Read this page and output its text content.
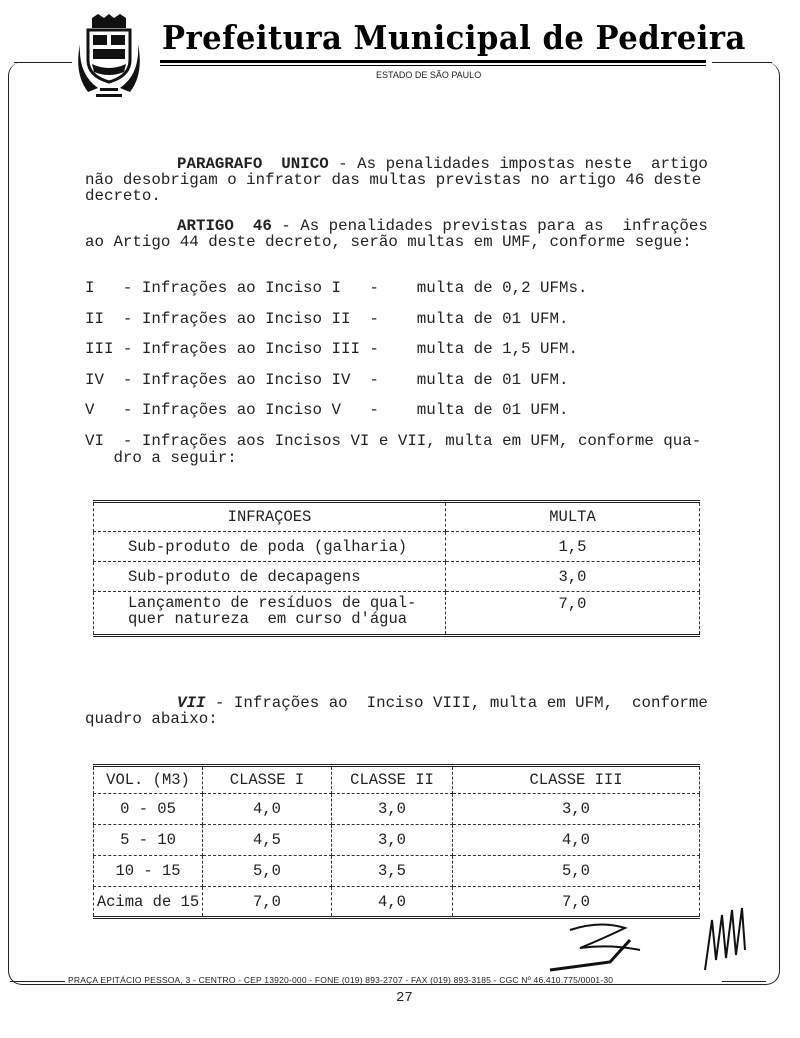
Prefeitura Municipal de Pedreira
ESTADO DE SÃO PAULO
PARAGRAFO  UNICO - As penalidades impostas neste  artigo
não desobrigam o infrator das multas previstas no artigo 46 deste
decreto.
ARTIGO  46 - As penalidades previstas para as  infrações
ao Artigo 44 deste decreto, serão multas em UMF, conforme segue:
I   - Infrações ao Inciso I   -    multa de 0,2 UFMs.
II  - Infrações ao Inciso II  -    multa de 01 UFM.
III - Infrações ao Inciso III -    multa de 1,5 UFM.
IV  - Infrações ao Inciso IV  -    multa de 01 UFM.
V   - Infrações ao Inciso V   -    multa de 01 UFM.
VI  - Infrações aos Incisos VI e VII, multa em UFM, conforme qua-
dro a seguir:
INFRAÇOES	MULTA
Sub-produto de poda (galharia)	1,5
Sub-produto de decapagens	3,0
Lançamento de resíduos de qual-
quer natureza  em curso d'água	7,0
VII - Infrações ao  Inciso VIII, multa em UFM,  conforme
quadro abaixo:
VOL. (M3)	CLASSE I	CLASSE II	CLASSE III
0 - 05	4,0	3,0	3,0
5 - 10	4,5	3,0	4,0
10 - 15	5,0	3,5	5,0
Acima de 15	7,0	4,0	7,0
PRAÇA EPITÁCIO PESSOA, 3 - CENTRO - CEP 13920-000 - FONE (019) 893-2707 - FAX (019) 893-3185 - CGC Nº 46.410.775/0001-30
27
